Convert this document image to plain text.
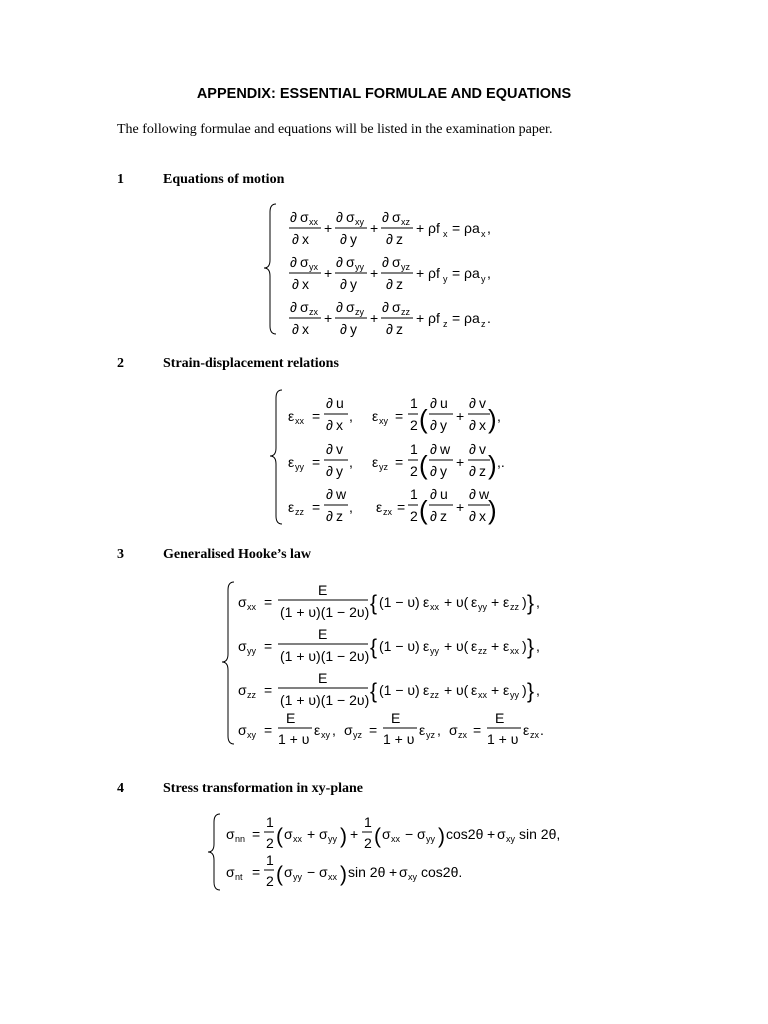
APPENDIX: ESSENTIAL FORMULAE AND EQUATIONS
The following formulae and equations will be listed in the examination paper.
1	Equations of motion
2	Strain-displacement relations
3	Generalised Hooke’s law
4	Stress transformation in xy-plane
∂ σ xx
∂ x
+
∂ σ xy
∂ y
+
∂ σ xz
∂ z
+ ρf x = ρa x ,
∂ σ yx
∂ x
+
∂ σ yy
∂ y
+
∂ σ yz
∂ z
+ ρf y = ρa y ,
∂ σ zx
∂ x
+
∂ σ zy
∂ y
+
∂ σ zz
∂ z
+ ρf z = ρa z .
ε xx =
∂ u
∂ x
, ε xy =
1
2 (
∂ u
∂ y
+
∂ v
∂ x ) ,
ε yy =
∂ v
∂ y
, ε yz =
1
2 (
∂ w
∂ y
+
∂ v
∂ z ) ,.
ε zz =
∂ w
∂ z
, ε zx =
1
2 (
∂ u
∂ z
+
∂ w
∂ x )
σ xx =
E
(1 + υ)(1 − 2υ) { (1 − υ) ε xx + υ( ε yy + ε zz ) } ,
σ yy =
E
(1 + υ)(1 − 2υ) { (1 − υ) ε yy + υ( ε zz + ε xx ) } ,
σ zz =
E
(1 + υ)(1 − 2υ) { (1 − υ) ε zz + υ( ε xx + ε yy ) } ,
σ xy =
E
1 + υ
ε xy , σ yz =
E
1 + υ
ε yz , σ zx =
E
1 + υ
ε zx .
σ nn =
1
2 ( σ xx + σ yy ) +
1
2 ( σ xx − σ yy ) cos2θ + σ xy sin 2θ,
σ nt =
1
2 ( σ yy − σ xx ) sin 2θ + σ xy cos2θ.
